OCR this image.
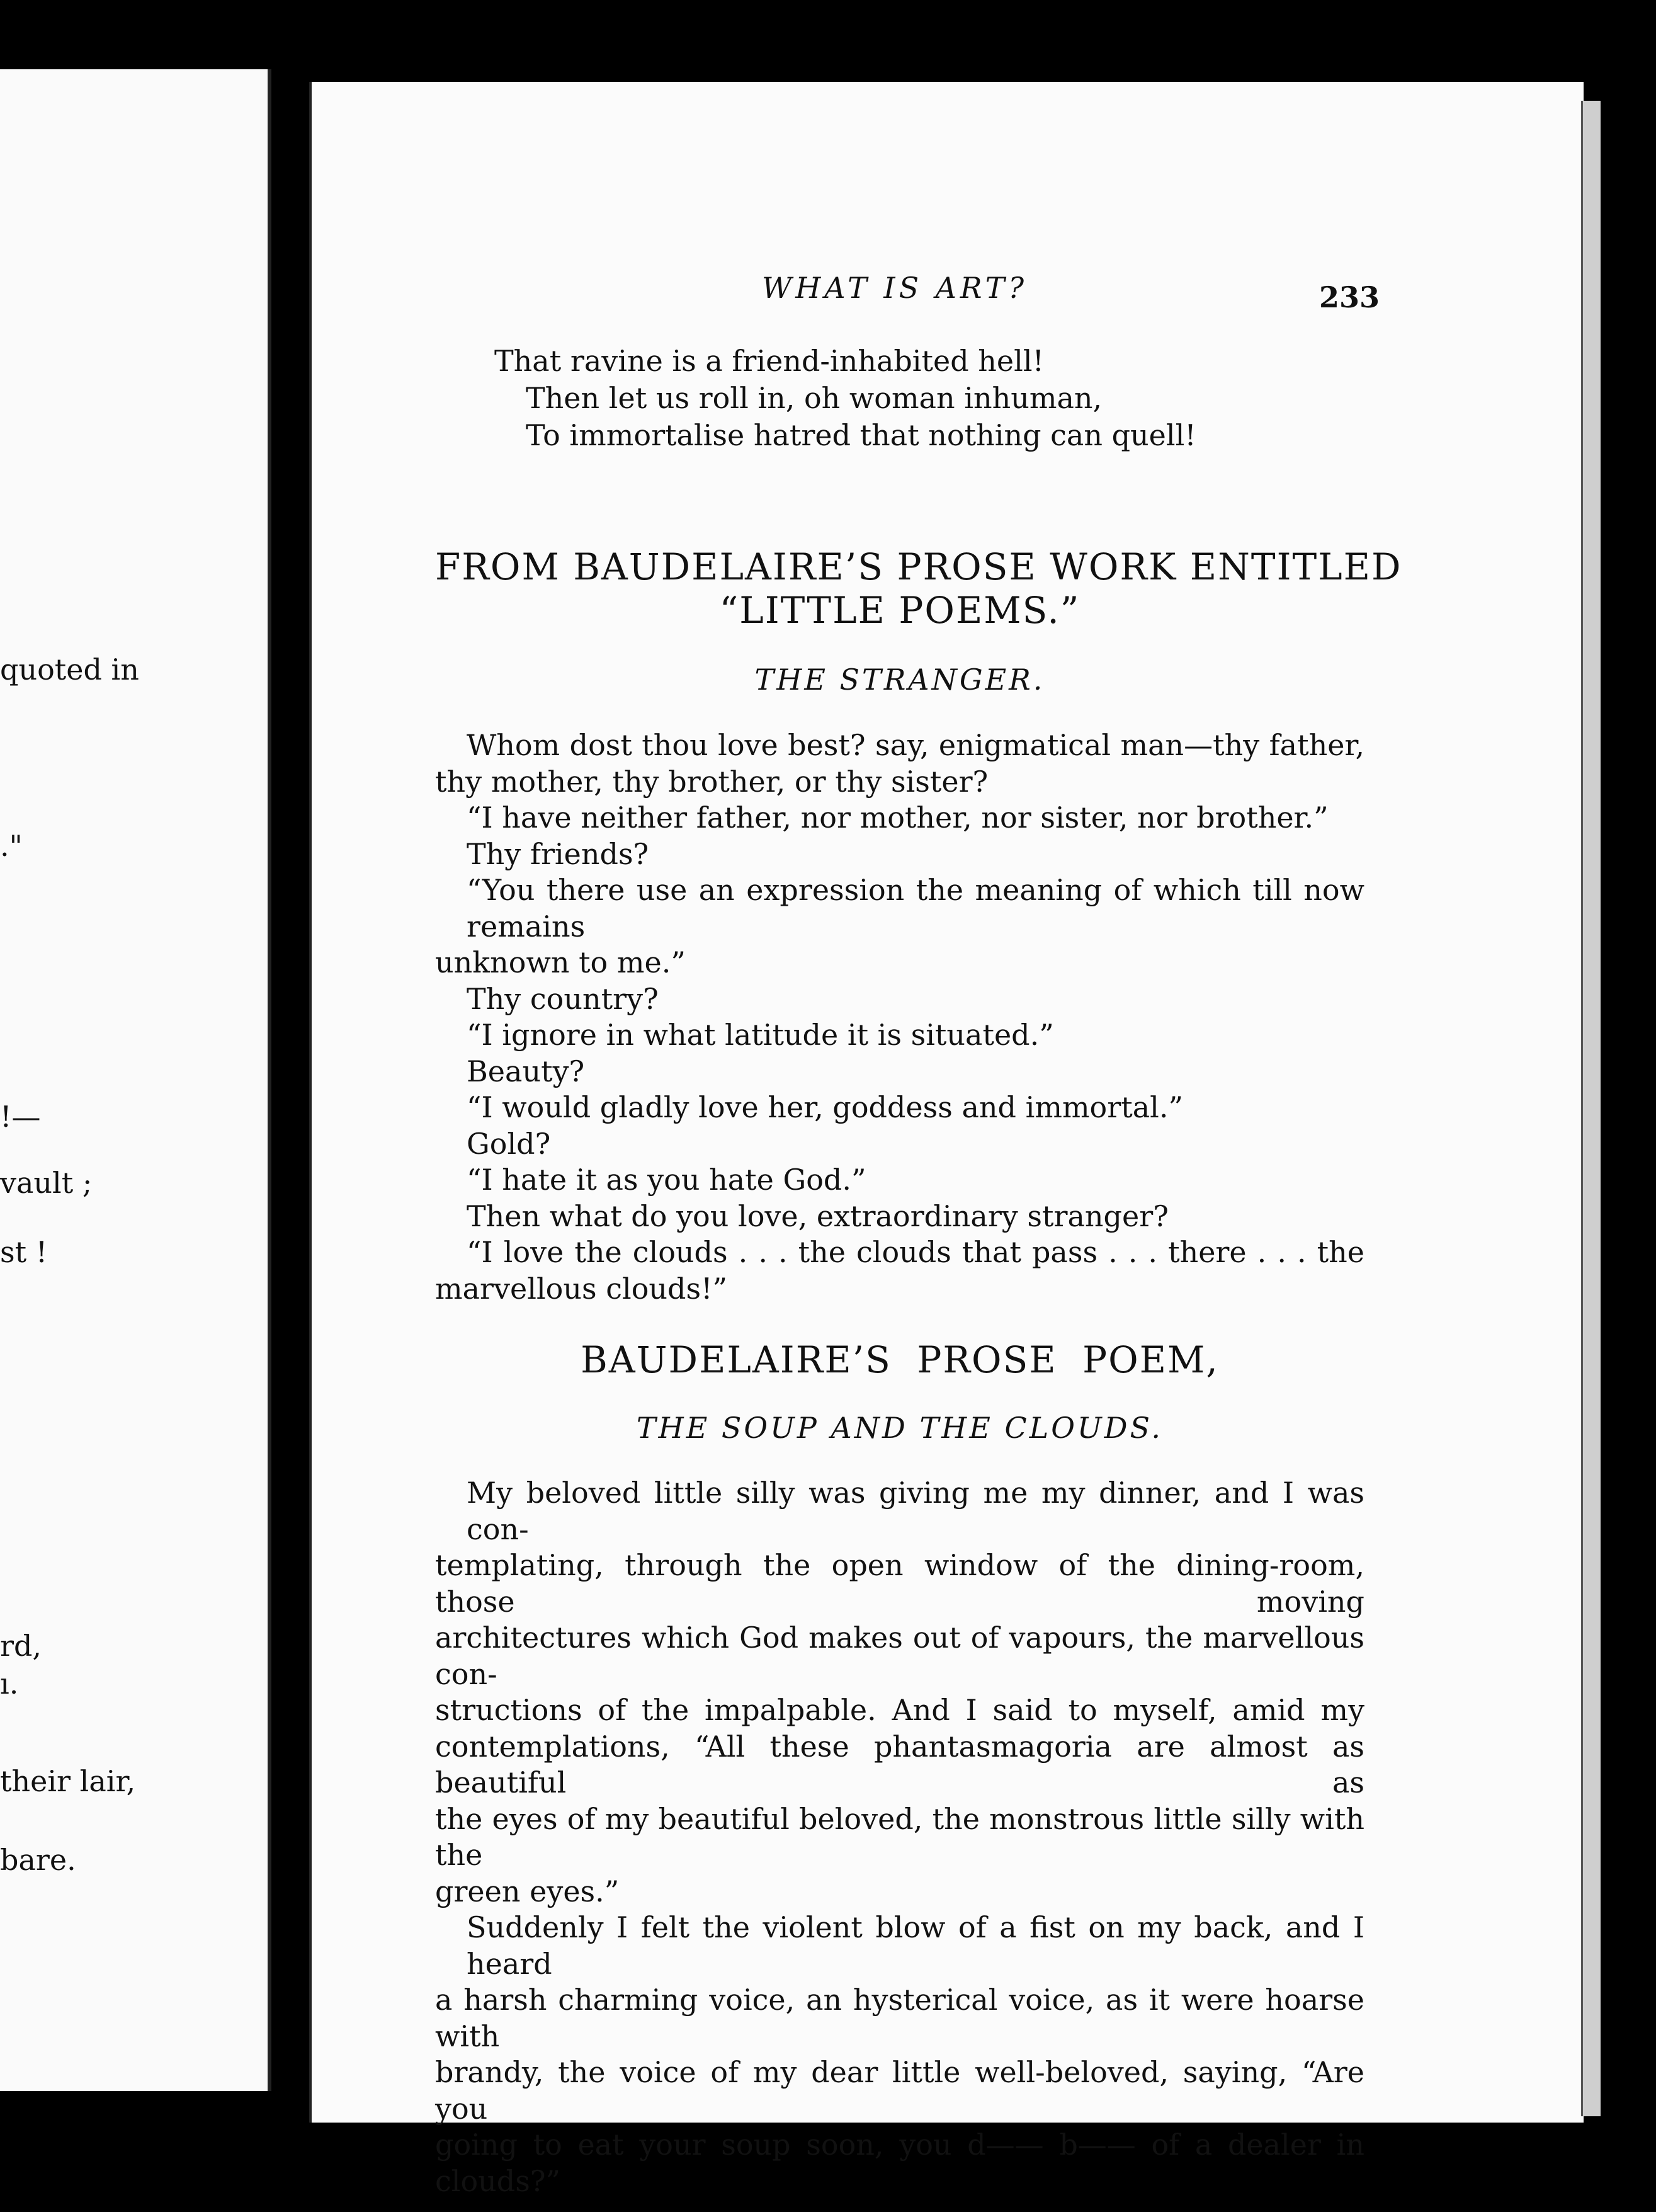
quoted in
."
!—
vault ;
st !
rd,
ı.
their lair,
bare.
WHAT IS ART?	233
That ravine is a friend-inhabited hell!
Then let us roll in, oh woman inhuman,
To immortalise hatred that nothing can quell!
FROM BAUDELAIRE’S PROSE WORK ENTITLED
“LITTLE POEMS.”
THE STRANGER.

Whom dost thou love best? say, enigmatical man—thy father,

thy mother, thy brother, or thy sister?

“I have neither father, nor mother, nor sister, nor brother.”

Thy friends?

“You there use an expression the meaning of which till now remains

unknown to me.”

Thy country?

“I ignore in what latitude it is situated.”

Beauty?

“I would gladly love her, goddess and immortal.”

Gold?

“I hate it as you hate God.”

Then what do you love, extraordinary stranger?

“I love the clouds . . . the clouds that pass . . . there . . . the

marvellous clouds!”

BAUDELAIRE’S PROSE POEM,
THE SOUP AND THE CLOUDS.

My beloved little silly was giving me my dinner, and I was con-

templating, through the open window of the dining-room, those moving

architectures which God makes out of vapours, the marvellous con-

structions of the impalpable. And I said to myself, amid my

contemplations, “All these phantasmagoria are almost as beautiful as

the eyes of my beautiful beloved, the monstrous little silly with the

green eyes.”

Suddenly I felt the violent blow of a fist on my back, and I heard

a harsh charming voice, an hysterical voice, as it were hoarse with

brandy, the voice of my dear little well-beloved, saying, “Are you

going to eat your soup soon, you d—— b—— of a dealer in clouds?”
